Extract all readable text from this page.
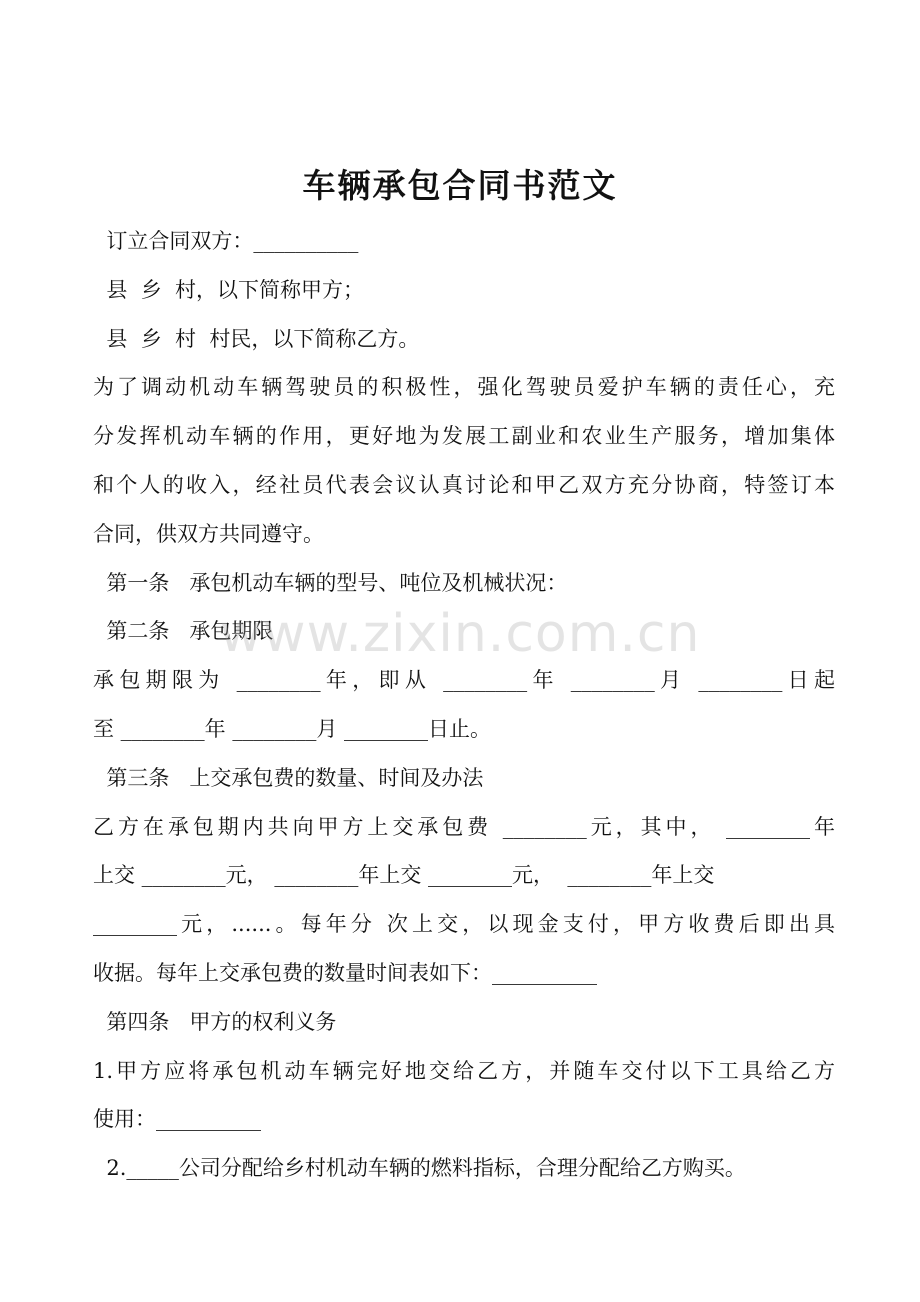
车辆承包合同书范文
订立合同双方：__________
县  乡  村，以下简称甲方；
县  乡  村  村民，以下简称乙方。
为了调动机动车辆驾驶员的积极性，强化驾驶员爱护车辆的责任心，充
分发挥机动车辆的作用，更好地为发展工副业和农业生产服务，增加集体
和个人的收入，经社员代表会议认真讨论和甲乙双方充分协商，特签订本
合同，供双方共同遵守。
第一条   承包机动车辆的型号、吨位及机械状况：
第二条   承包期限
承包期限为 ________年，即从 ________年 ________月 ________日起
至 ________年 ________月 ________日止。
第三条   上交承包费的数量、时间及办法
乙方在承包期内共向甲方上交承包费 ________元，其中， ________年
上交 ________元， ________年上交 ________元，  ________年上交
________元，......。每年分 次上交，以现金支付，甲方收费后即出具
收据。每年上交承包费的数量时间表如下：__________
第四条   甲方的权利义务
1.甲方应将承包机动车辆完好地交给乙方，并随车交付以下工具给乙方
使用：__________
2._____公司分配给乡村机动车辆的燃料指标，合理分配给乙方购买。
www.zixin.com.cn
